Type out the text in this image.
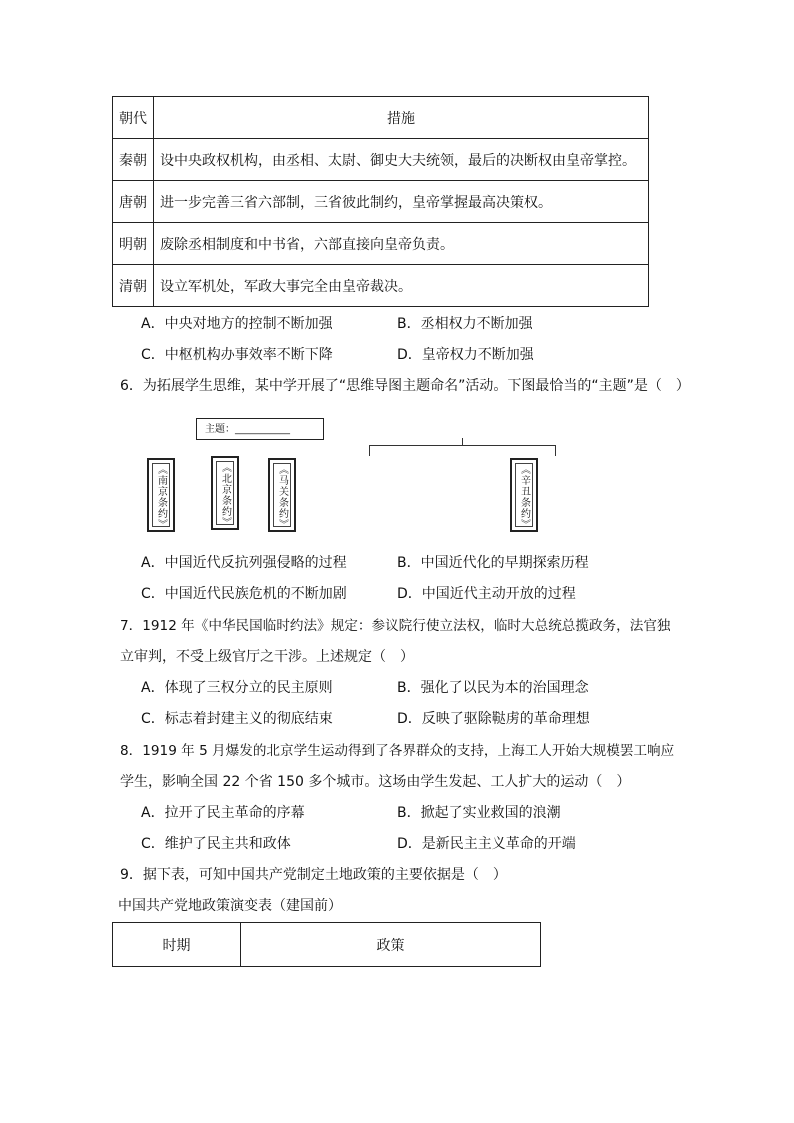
朝代	措施
秦朝	设中央政权机构，由丞相、太尉、御史大夫统领，最后的决断权由皇帝掌控。
唐朝	进一步完善三省六部制，三省彼此制约，皇帝掌握最高决策权。
明朝	废除丞相制度和中书省，六部直接向皇帝负责。
清朝	设立军机处，军政大事完全由皇帝裁决。
A．中央对地方的控制不断加强	B．丞相权力不断加强
C．中枢机构办事效率不断下降	D．皇帝权力不断加强
6．为拓展学生思维，某中学开展了“思维导图主题命名”活动。下图最恰当的“主题”是（　）
主题：___________
《南京条约》	《北京条约》	《马关条约》	《辛丑条约》
A．中国近代反抗列强侵略的过程	B．中国近代化的早期探索历程
C．中国近代民族危机的不断加剧	D．中国近代主动开放的过程
7．1912 年《中华民国临时约法》规定：参议院行使立法权，临时大总统总揽政务，法官独
立审判，不受上级官厅之干涉。上述规定（　）
A．体现了三权分立的民主原则	B．强化了以民为本的治国理念
C．标志着封建主义的彻底结束	D．反映了驱除鞑虏的革命理想
8．1919 年 5 月爆发的北京学生运动得到了各界群众的支持，上海工人开始大规模罢工响应
学生，影响全国 22 个省 150 多个城市。这场由学生发起、工人扩大的运动（　）
A．拉开了民主革命的序幕	B．掀起了实业救国的浪潮
C．维护了民主共和政体	D．是新民主主义革命的开端
9．据下表，可知中国共产党制定土地政策的主要依据是（　）
中国共产党地政策演变表（建国前）
时期	政策
